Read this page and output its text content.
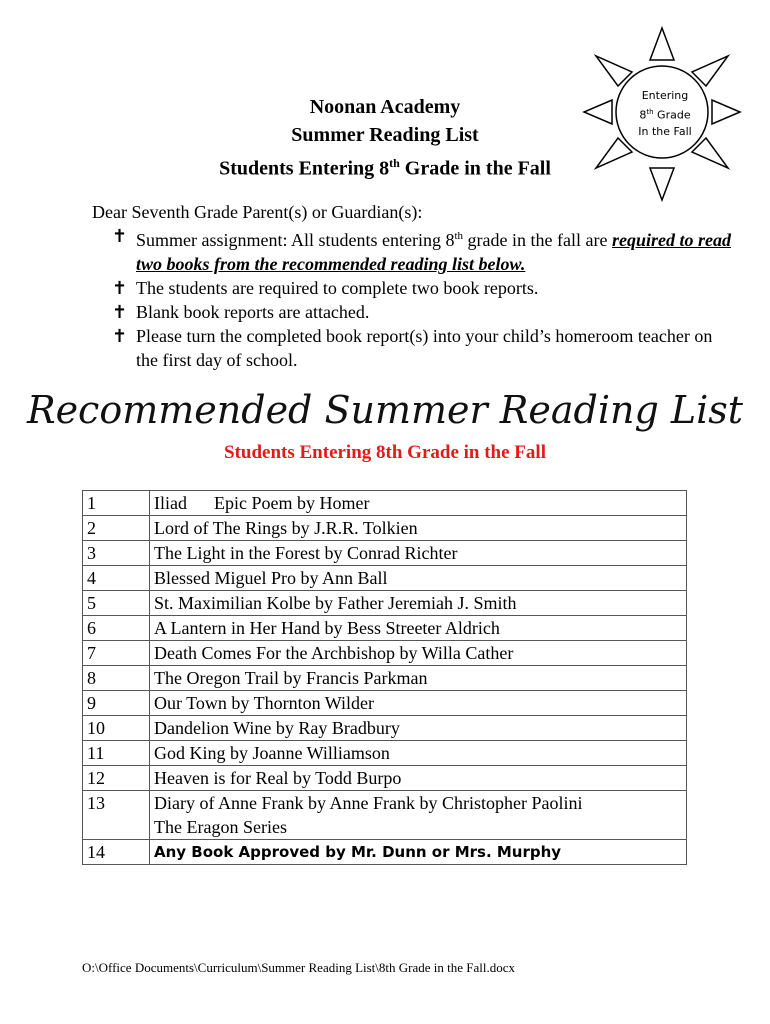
Noonan Academy
Summer Reading List
Students Entering 8th Grade in the Fall
Entering
8th Grade
In the Fall
Dear Seventh Grade Parent(s) or Guardian(s):
✝ Summer assignment: All students entering 8th grade in the fall are required to read two books from the recommended reading list below.
✝ The students are required to complete two book reports.
✝ Blank book reports are attached.
✝ Please turn the completed book report(s) into your child’s homeroom teacher on the first day of school.
Recommended Summer Reading List
Students Entering 8th Grade in the Fall
1	Iliad      Epic Poem by Homer
2	Lord of The Rings by J.R.R. Tolkien
3	The Light in the Forest by Conrad Richter
4	Blessed Miguel Pro by Ann Ball
5	St. Maximilian Kolbe by Father Jeremiah J. Smith
6	A Lantern in Her Hand by Bess Streeter Aldrich
7	Death Comes For the Archbishop by Willa Cather
8	The Oregon Trail by Francis Parkman
9	Our Town by Thornton Wilder
10	Dandelion Wine by Ray Bradbury
11	God King by Joanne Williamson
12	Heaven is for Real by Todd Burpo
13	Diary of Anne Frank by Anne Frank by Christopher Paolini
The Eragon Series

14	Any Book Approved by Mr. Dunn or Mrs. Murphy
O:\Office Documents\Curriculum\Summer Reading List\8th Grade in the Fall.docx
